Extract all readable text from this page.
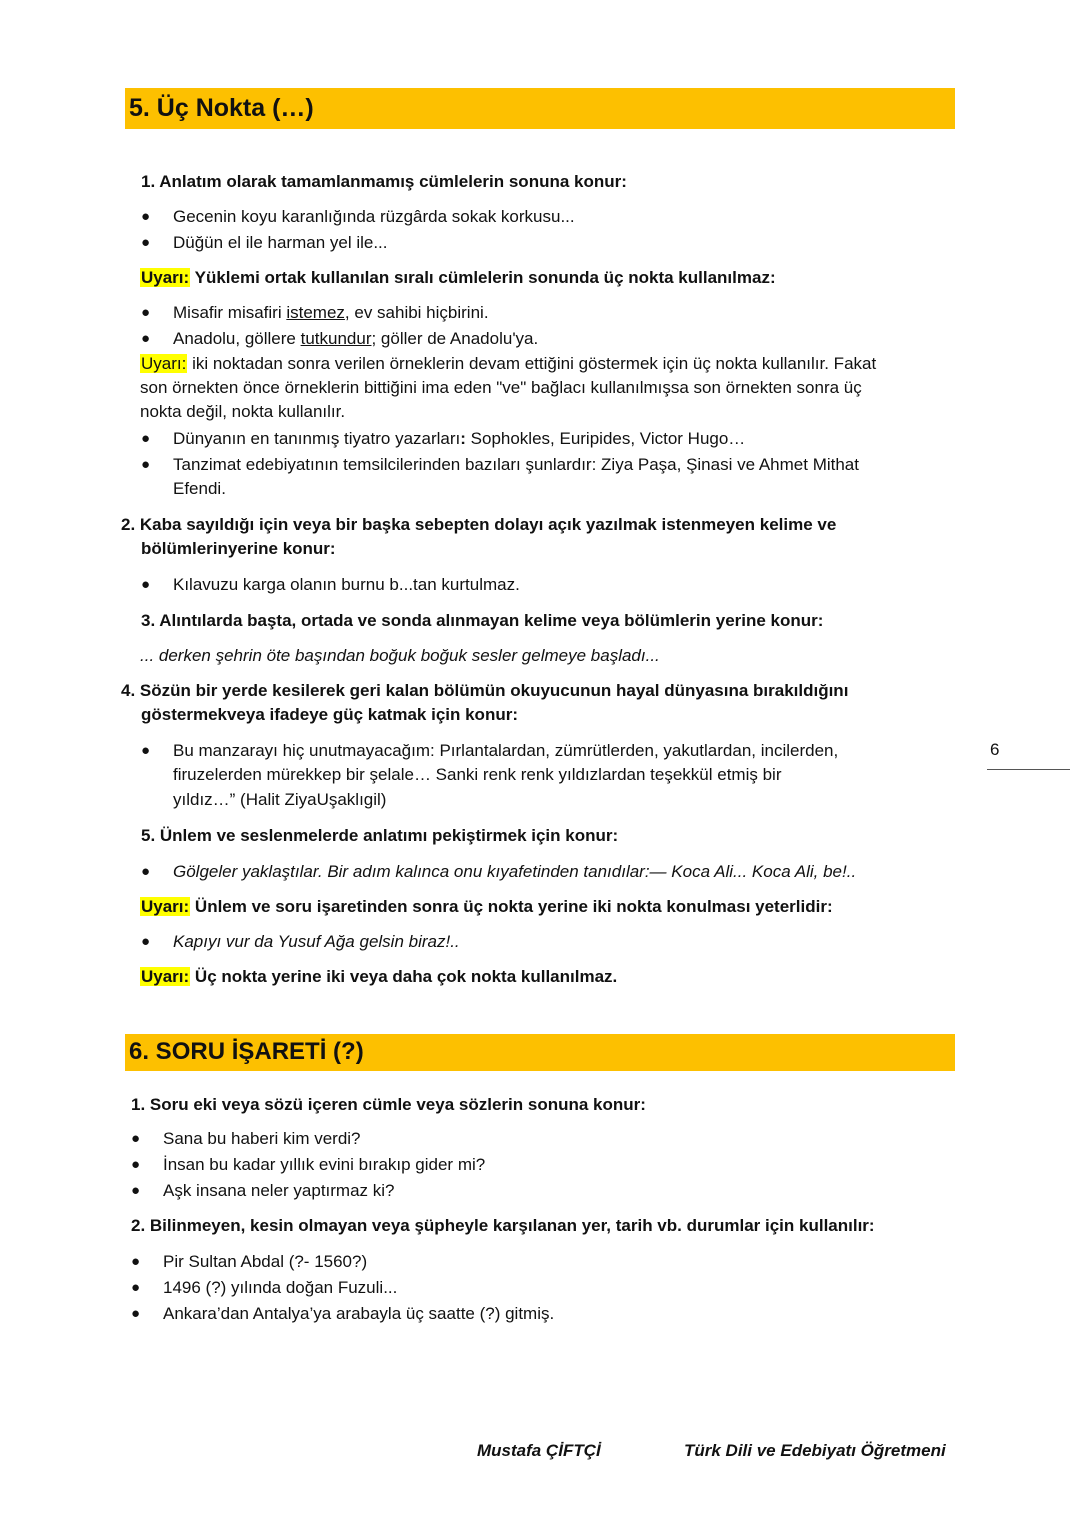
5. Üç Nokta (…)
1. Anlatım olarak tamamlanmamış cümlelerin sonuna konur:
● Gecenin koyu karanlığında rüzgârda sokak korkusu...
● Düğün el ile harman yel ile...
Uyarı: Yüklemi ortak kullanılan sıralı cümlelerin sonunda üç nokta kullanılmaz:
● Misafir misafiri istemez, ev sahibi hiçbirini.
● Anadolu, göllere tutkundur; göller de Anadolu'ya.
Uyarı: iki noktadan sonra verilen örneklerin devam ettiğini göstermek için üç nokta kullanılır. Fakat
son örnekten önce örneklerin bittiğini ima eden "ve" bağlacı kullanılmışsa son örnekten sonra üç
nokta değil, nokta kullanılır.
● Dünyanın en tanınmış tiyatro yazarları: Sophokles, Euripides, Victor Hugo…
● Tanzimat edebiyatının temsilcilerinden bazıları şunlardır: Ziya Paşa, Şinasi ve Ahmet Mithat
Efendi.
2. Kaba sayıldığı için veya bir başka sebepten dolayı açık yazılmak istenmeyen kelime ve
bölümlerinyerine konur:
● Kılavuzu karga olanın burnu b...tan kurtulmaz.
3. Alıntılarda başta, ortada ve sonda alınmayan kelime veya bölümlerin yerine konur:
... derken şehrin öte başından boğuk boğuk sesler gelmeye başladı...
4. Sözün bir yerde kesilerek geri kalan bölümün okuyucunun hayal dünyasına bırakıldığını
göstermekveya ifadeye güç katmak için konur:
● Bu manzarayı hiç unutmayacağım: Pırlantalardan, zümrütlerden, yakutlardan, incilerden,
firuzelerden mürekkep bir şelale… Sanki renk renk yıldızlardan teşekkül etmiş bir
yıldız…” (Halit ZiyaUşaklıgil)
6
5. Ünlem ve seslenmelerde anlatımı pekiştirmek için konur:
● Gölgeler yaklaştılar. Bir adım kalınca onu kıyafetinden tanıdılar:— Koca Ali... Koca Ali, be!..
Uyarı: Ünlem ve soru işaretinden sonra üç nokta yerine iki nokta konulması yeterlidir:
● Kapıyı vur da Yusuf Ağa gelsin biraz!..
Uyarı: Üç nokta yerine iki veya daha çok nokta kullanılmaz.
6. SORU İŞARETİ (?)
1. Soru eki veya sözü içeren cümle veya sözlerin sonuna konur:
● Sana bu haberi kim verdi?
● İnsan bu kadar yıllık evini bırakıp gider mi?
● Aşk insana neler yaptırmaz ki?
2. Bilinmeyen, kesin olmayan veya şüpheyle karşılanan yer, tarih vb. durumlar için kullanılır:
● Pir Sultan Abdal (?- 1560?)
● 1496 (?) yılında doğan Fuzuli...
● Ankara’dan Antalya’ya arabayla üç saatte (?) gitmiş.
Mustafa ÇİFTÇİ	Türk Dili ve Edebiyatı Öğretmeni
